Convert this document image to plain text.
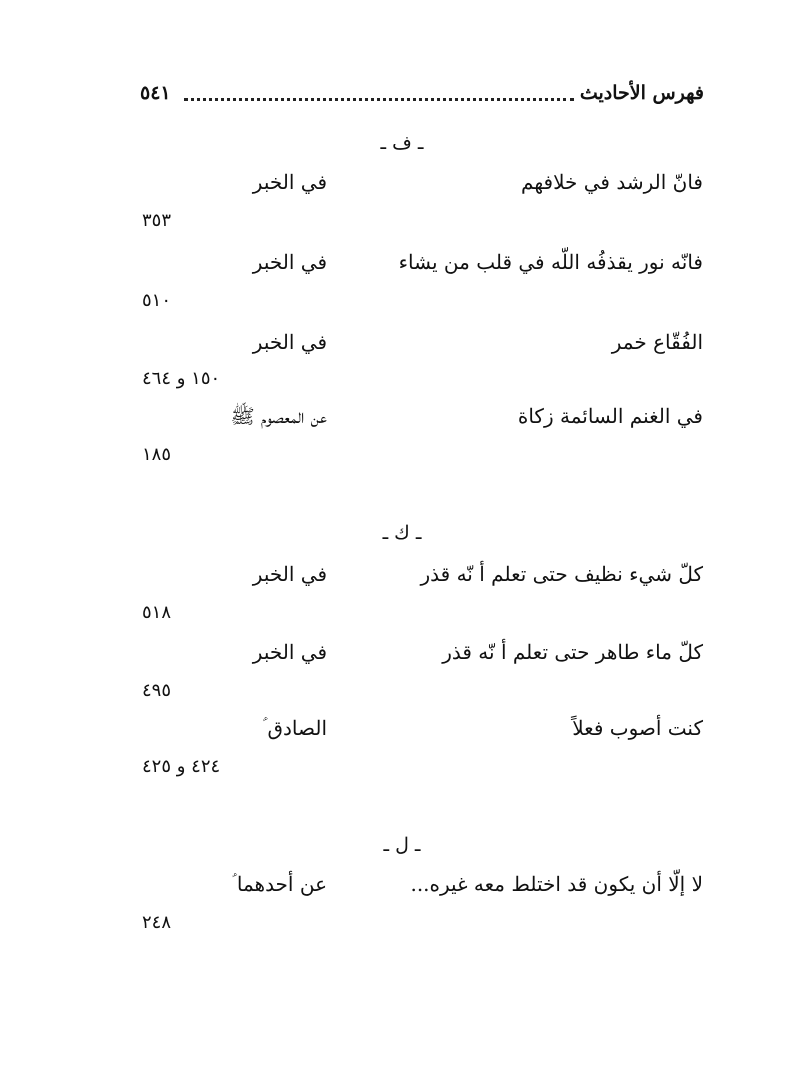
فهرس الأحاديث
٥٤١
ـ ف ـ
فانّ الرشد في خلافهم
في الخبر
٣٥٣
فانّه نور يقذفُه اللّه في قلب من يشاء
في الخبر
٥١٠
الفُقّاع خمر
في الخبر
١٥٠ و ٤٦٤
في الغنم السائمة زكاة
عن المعصوم ﷺ
١٨٥
ـ ك ـ
كلّ شيء نظيف حتى تعلم أ نّه قذر
في الخبر
٥١٨
كلّ ماء طاهر حتى تعلم أ نّه قذر
في الخبر
٤٩٥
كنت أصوب فعلاً
الصادق ؑ
٤٢٤ و ٤٢٥
ـ ل ـ
لا إلّا أن يكون قد اختلط معه غيره...
عن أحدهما ؑ
٢٤٨
